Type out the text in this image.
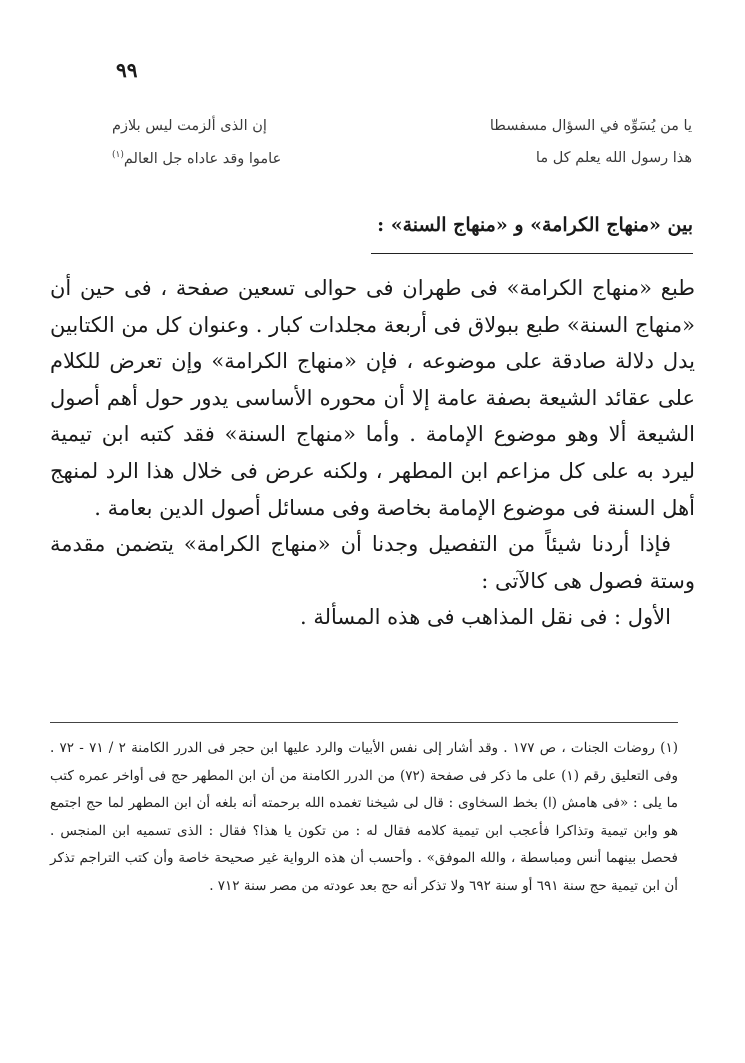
٩٩
يا من يُسَوِّه في السؤال مسفسطا
إن الذى ألزمت ليس بلازم
هذا رسول الله يعلم كل ما
عاموا وقد عاداه جل العالم$^{(١)}$
بين «منهاج الكرامة» و «منهاج السنة» :

طبع «منهاج الكرامة» فى طهران فى حوالى تسعين صفحة ، فى حين أن «منهاج السنة» طبع ببولاق فى أربعة مجلدات كبار . وعنوان كل من الكتابين يدل دلالة صادقة على موضوعه ، فإن «منهاج الكرامة» وإن تعرض للكلام على عقائد الشيعة بصفة عامة إلا أن محوره الأساسى يدور حول أهم أصول الشيعة ألا وهو موضوع الإمامة . وأما «منهاج السنة» فقد كتبه ابن تيمية ليرد به على كل مزاعم ابن المطهر ، ولكنه عرض فى خلال هذا الرد لمنهج أهل السنة فى موضوع الإمامة بخاصة وفى مسائل أصول الدين بعامة .

فإذا أردنا شيئاً من التفصيل وجدنا أن «منهاج الكرامة» يتضمن مقدمة وستة فصول هى كالآتى :

الأول : فى نقل المذاهب فى هذه المسألة .

(١) روضات الجنات ، ص ١٧٧ . وقد أشار إلى نفس الأبيات والرد عليها ابن حجر فى الدرر الكامنة ٢ / ٧١ - ٧٢ . وفى التعليق رقم (١) على ما ذكر فى صفحة (٧٢) من الدرر الكامنة من أن ابن المطهر حج فى أواخر عمره كتب ما يلى : «فى هامش (ا) بخط السخاوى : قال لى شيخنا تغمده الله برحمته أنه بلغه أن ابن المطهر لما حج اجتمع هو وابن تيمية وتذاكرا فأعجب ابن تيمية كلامه فقال له : من تكون يا هذا؟ فقال : الذى تسميه ابن المنجس . فحصل بينهما أنس ومباسطة ، والله الموفق» . وأحسب أن هذه الرواية غير صحيحة خاصة وأن كتب التراجم تذكر أن ابن تيمية حج سنة ٦٩١ أو سنة ٦٩٢ ولا تذكر أنه حج بعد عودته من مصر سنة ٧١٢ .
